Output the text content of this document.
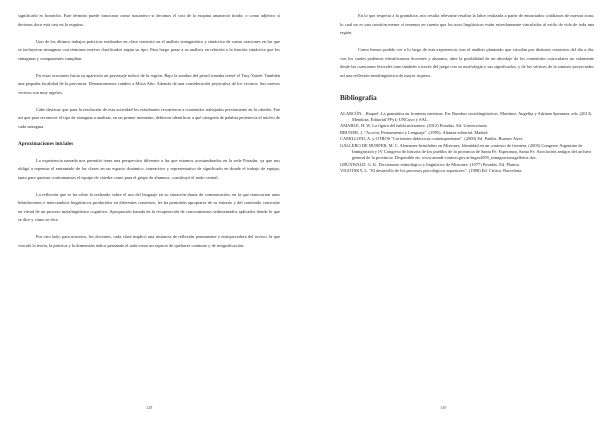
significado es borracho. Este término puede funcionar como sustantivo si decimos el casi de la esquina amaneció tirado; o como adjetivo si decimos doce está casi en la esquina.

Uno de los últimos trabajos prácticos realizados en clase consistió en el análisis sintagmático y sintáctico de varias oraciones en las que se incluyeron sintagmas con términos nuevos clasificados según su tipo. Para luego pasar a su análisis en relación a la función sintáctica que los sintagmas y componentes cumplían.

En estas oraciones hacía su aparición un personaje mítico de la región: Bajo la sombra del peruil tomaba tereré el Yasy Yateré. También una pequeña localidad de la provincia: Desmoronemos cambio a Misia Alto. Además de una consideración peyorativa de los vecinos: Sus nuevos vecinos son muy argelos.

Cabe destacar que para la resolución de esta actividad los estudiantes recurrieron a contenidos trabajados previamente en la cátedra. Fue así que para reconocer el tipo de sintagma a analizar, en un primer momento, debieron identificar a qué categoría de palabra pertenecía el núcleo de cada sintagma.

Aproximaciones iniciales

La experiencia narrada nos permitió tener una perspectiva diferente a las que estamos acostumbrados en la sede Posadas, ya que nos obligó a repensar el entramado de las clases en un espacio dinámico, interactivo y representativo de significado en donde el trabajo de equipo, tanto para quienes conformamos el equipo de cátedra como para el grupo de alumnos, constituyó el nodo central.

La reflexión que se ha sobre la realizado sobre el uso del lenguaje en su situación diaria de comunicación, en la que transcurren unas hibridaciones e intercambios lingüísticos producidos en diferentes contextos, les ha permitido apropiarse de su entorno y del contenido curricular en virtud de un proceso metalingüístico cognitivo. Apropiación basada en la recuperación de conocimientos sedimentados aplicados donde lo que se dice y cómo se dice.

Por otro lado, para nosotros, los docentes, cada clase implicó una instancia de reflexión permanente y enriquecedora del acervo, la que vinculó la teoría, la práctica y la dimensión áulica pensando el aula como un espacio de quehacer continuo y de resignificación.

128

En lo que respecta a la gramática, nos resulta relevante resaltar la labor realizada a partir de enunciados cotidianos de nuestra zona, lo cual no es una cuestión menor si tenemos en cuenta que los usos lingüísticos están estrechamente vinculados al estilo de vida de toda una región.

Como hemos podido ver a lo largo de esta experiencia, tras el análisis planteado que circulan por distintos contextos del día a día, con los cuales podemos identificarnos docentes y alumnos, abre la posibilidad de un abordaje de los contenidos curriculares no solamente desde las cuestiones léxicales sino también a través del juego con su morfología y sus significados, y de los vértices de la sintaxis proyectados así una reflexión metalingüística de mayor riqueza.

Bibliografía

ALARCÓN, . Raquel: La gramática en fronteras mestizas. En: Rumbos sociolingüísticos. Martínez, Angelita y Adriana Speranza, eds. (2013). Mendoza, Editorial FFyL-UNCuyo y SAL.

AMABLE, H. W. La figura del habla misionera. (2012) Posadas. Ed. Universitaria.

BRUNER, J. "Acción, Pensamiento y Lenguaje". (1995). Alianza editorial. Madrid.

CAMILLONI, A. y OTROS "Corrientes didácticas contemporáneas". (2000) Ed. Paidós. Buenos Aires.

GALLERO DE HURFER, M. C. Alemanes-brasileños en Misiones, Identidad en un contexto de frontera. (2005) Congreso Argentino de Inmigración y IV Congreso de historia de los pueblos de la provincia de Santa Fe. Esperanza, Santa Fe. Asociación amigos del archivo general de la provincia. Disponible en: www.amadi-context.gov.ar/inger2005_inmigracionsgalleros.doc.

GRÜNWALD, G. K. Diccionario etimológico y lingüístico de Misiones. (1977) Posadas. Ed. Plantia.

VIGOTSKY, L. "El desarrollo de los procesos psicológicos superiores". (1988) Ed. Crítica. Barcelona.

130
